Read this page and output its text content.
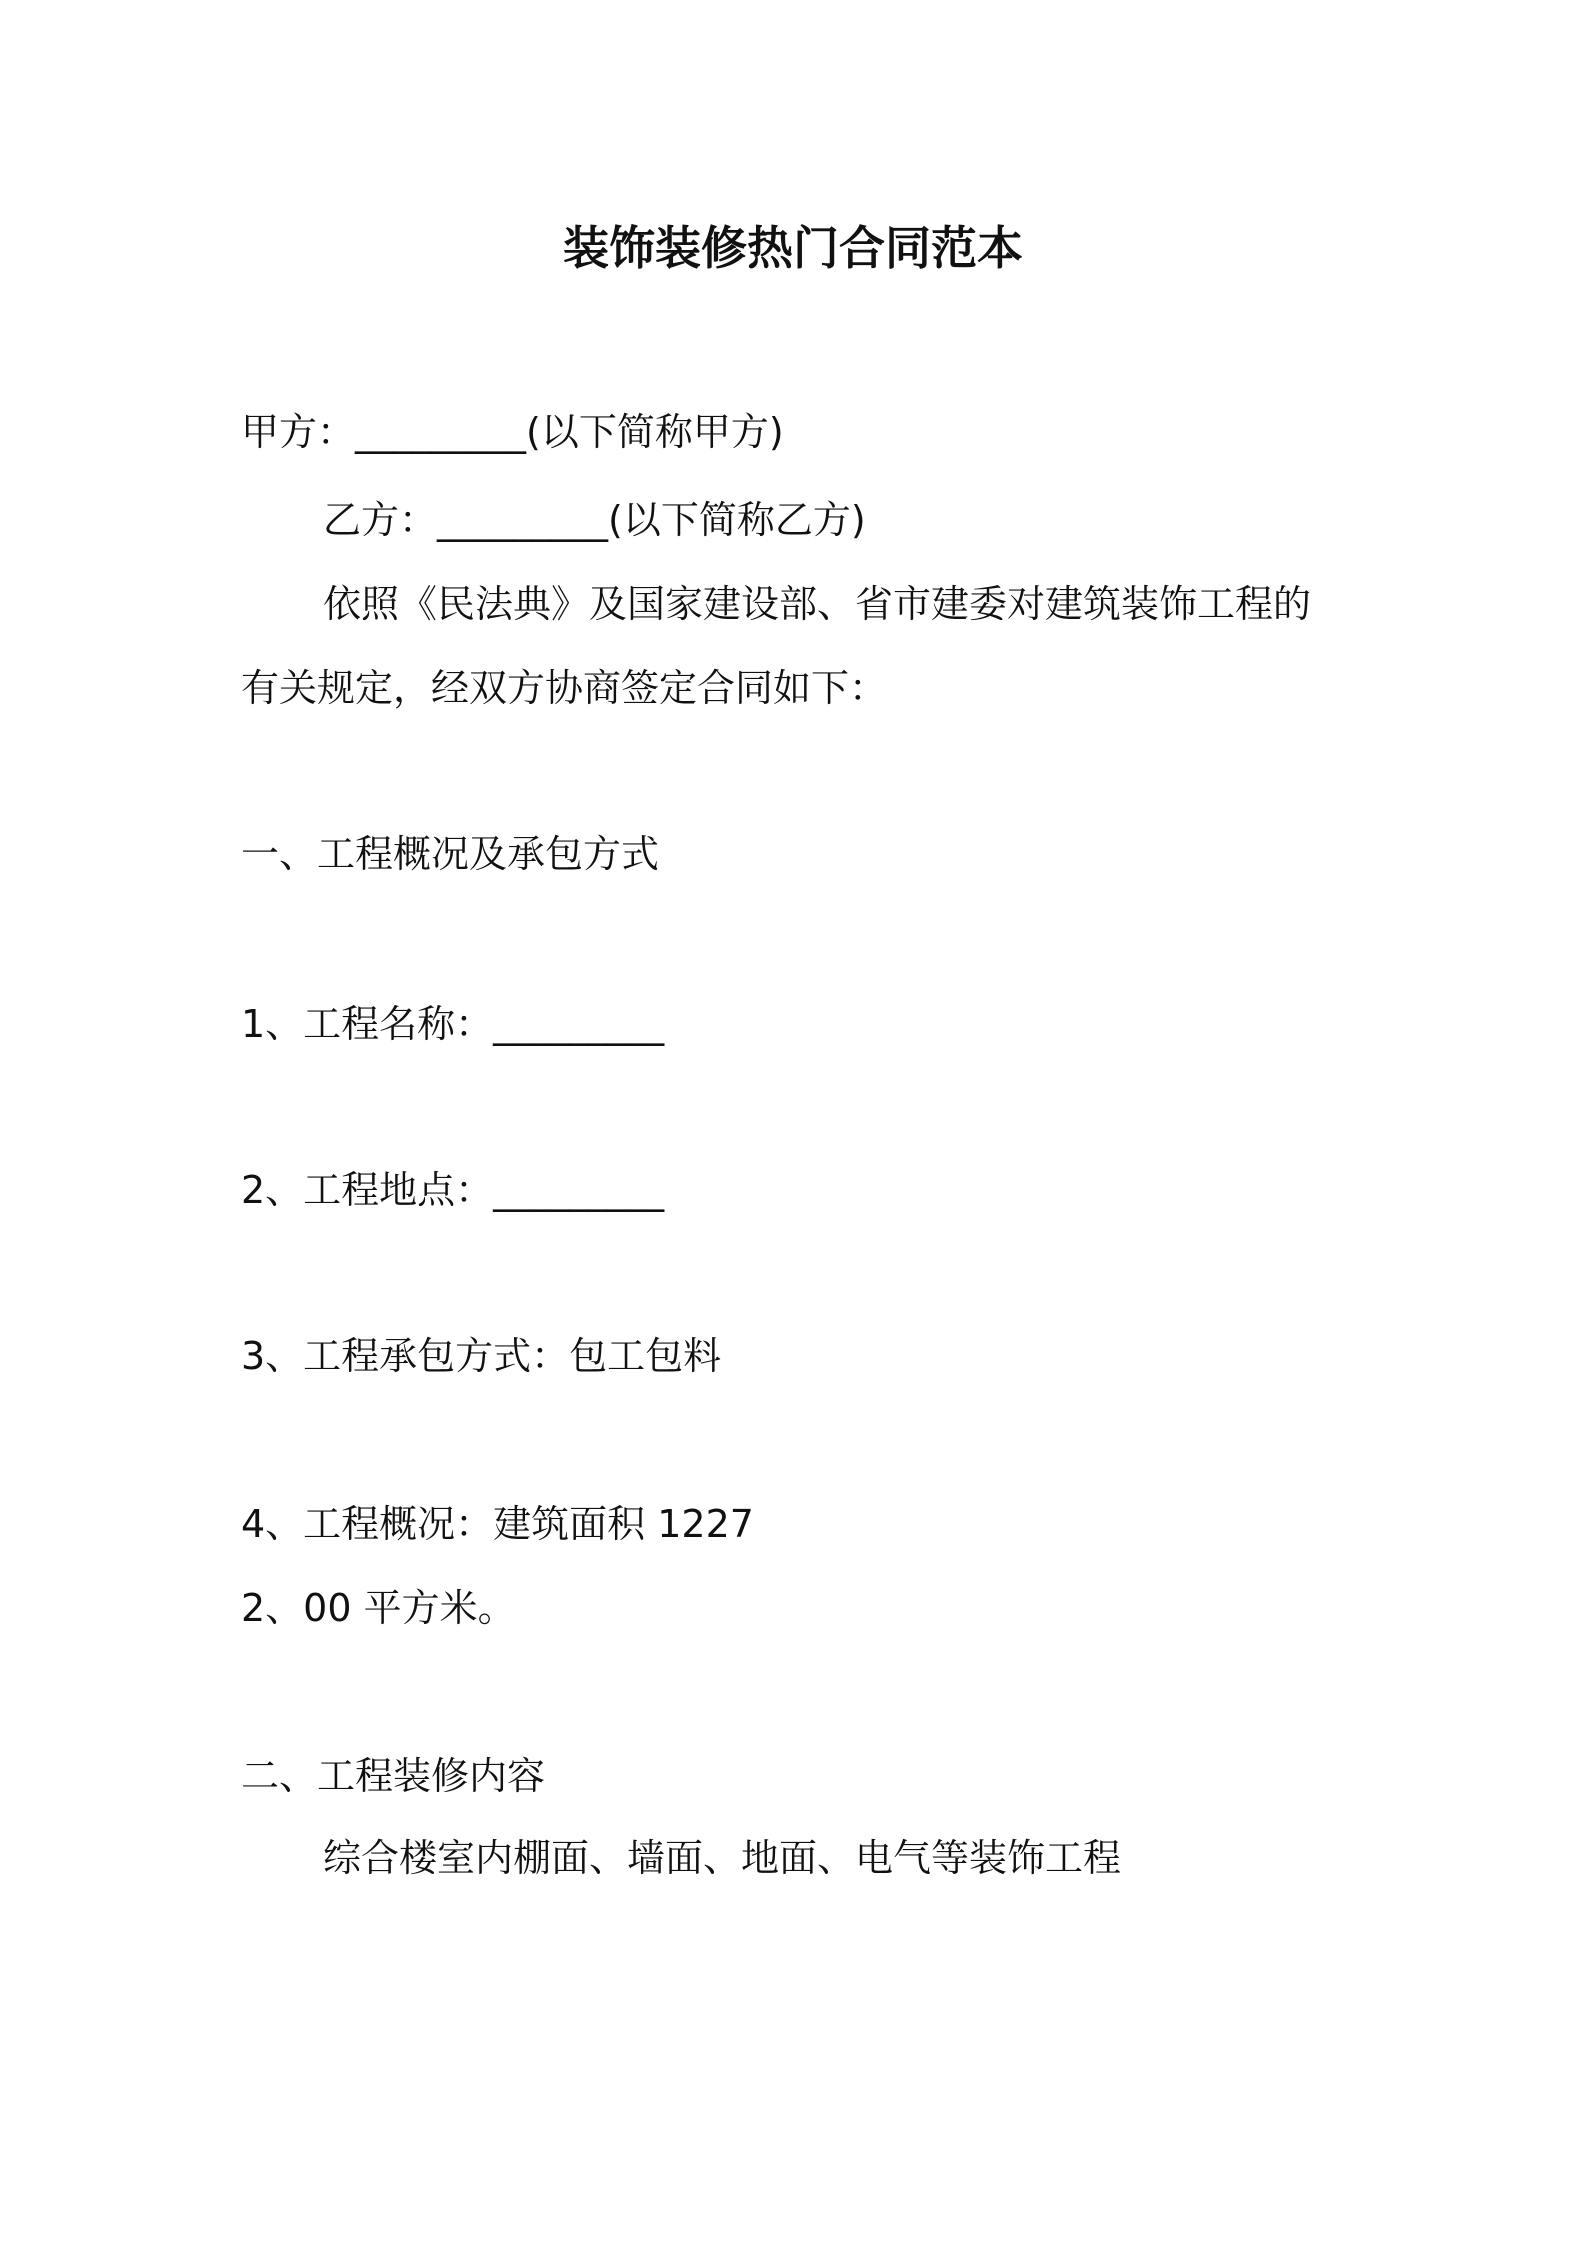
装饰装修热门合同范本
甲方：_________(以下简称甲方)
乙方：_________(以下简称乙方)
依照《民法典》及国家建设部、省市建委对建筑装饰工程的
有关规定，经双方协商签定合同如下：
一、工程概况及承包方式
1、工程名称：_________
2、工程地点：_________
3、工程承包方式：包工包料
4、工程概况：建筑面积 1227
2、00 平方米。
二、工程装修内容
综合楼室内棚面、墙面、地面、电气等装饰工程
